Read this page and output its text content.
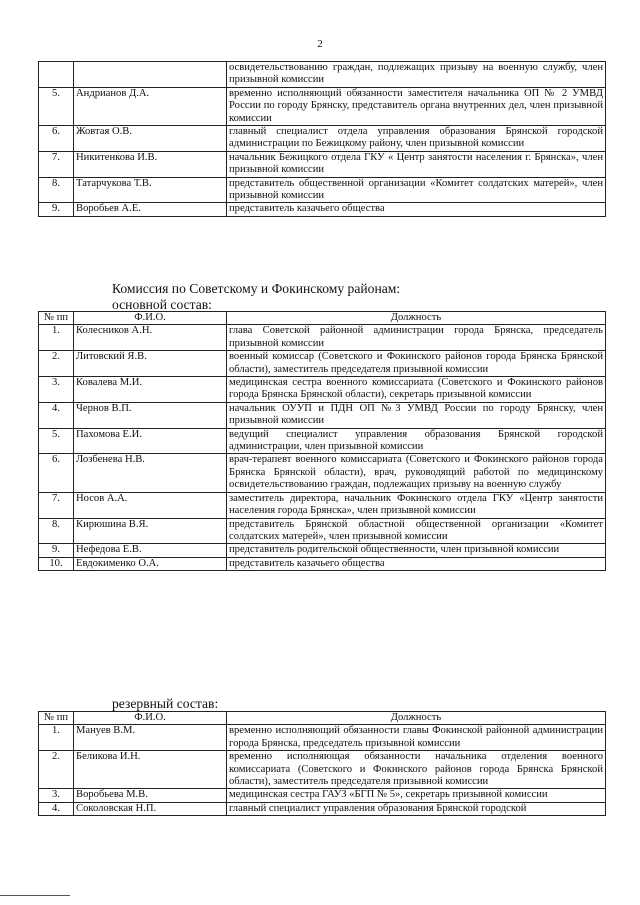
2
		освидетельствованию граждан, подлежащих призыву на военную службу, член призывной комиссии
5.	Андрианов Д.А.	временно исполняющий обязанности заместителя начальника ОП № 2 УМВД России по городу Брянску, представитель органа внутренних дел, член призывной комиссии
6.	Жовтая О.В.	главный специалист отдела управления образования Брянской городской администрации по Бежицкому району, член призывной комиссии
7.	Никитенкова И.В.	начальник Бежицкого отдела ГКУ « Центр занятости населения г. Брянска», член призывной комиссии
8.	Татарчукова Т.В.	представитель общественной организации «Комитет солдатских матерей», член призывной комиссии
9.	Воробьев А.Е.	представитель казачьего общества
Комиссия по Советскому и Фокинскому районам:
основной состав:
№ пп	Ф.И.О.	Должность
1.	Колесников А.Н.	глава Советской районной администрации города Брянска, председатель призывной комиссии
2.	Литовский Я.В.	военный комиссар (Советского и Фокинского районов города Брянска Брянской области), заместитель председателя призывной комиссии
3.	Ковалева М.И.	медицинская сестра военного комиссариата (Советского и Фокинского районов города Брянска Брянской области), секретарь призывной комиссии
4.	Чернов В.П.	начальник ОУУП и ПДН ОП №3 УМВД России по городу Брянску, член призывной комиссии
5.	Пахомова Е.И.	ведущий специалист управления образования Брянской городской администрации, член призывной комиссии
6.	Лозбенева Н.В.	врач-терапевт военного комиссариата (Советского и Фокинского районов города Брянска Брянской области), врач, руководящий работой по медицинскому освидетельствованию граждан, подлежащих призыву на военную службу
7.	Носов А.А.	заместитель директора, начальник Фокинского отдела ГКУ «Центр занятости населения города Брянска», член призывной комиссии
8.	Кирюшина В.Я.	представитель Брянской областной общественной организации «Комитет солдатских матерей», член призывной комиссии
9.	Нефедова Е.В.	представитель родительской общественности, член призывной комиссии
10.	Евдокименко О.А.	представитель казачьего общества
резервный состав:
№ пп	Ф.И.О.	Должность
1.	Мануев В.М.	временно исполняющий обязанности главы Фокинской районной администрации города Брянска, председатель призывной комиссии
2.	Беликова И.Н.	временно исполняющая обязанности начальника отделения военного комиссариата (Советского и Фокинского районов города Брянска Брянской области), заместитель председателя призывной комиссии
3.	Воробьева М.В.	медицинская сестра ГАУЗ «БГП № 5», секретарь призывной комиссии
4.	Соколовская Н.П.	главный специалист управления образования Брянской городской
